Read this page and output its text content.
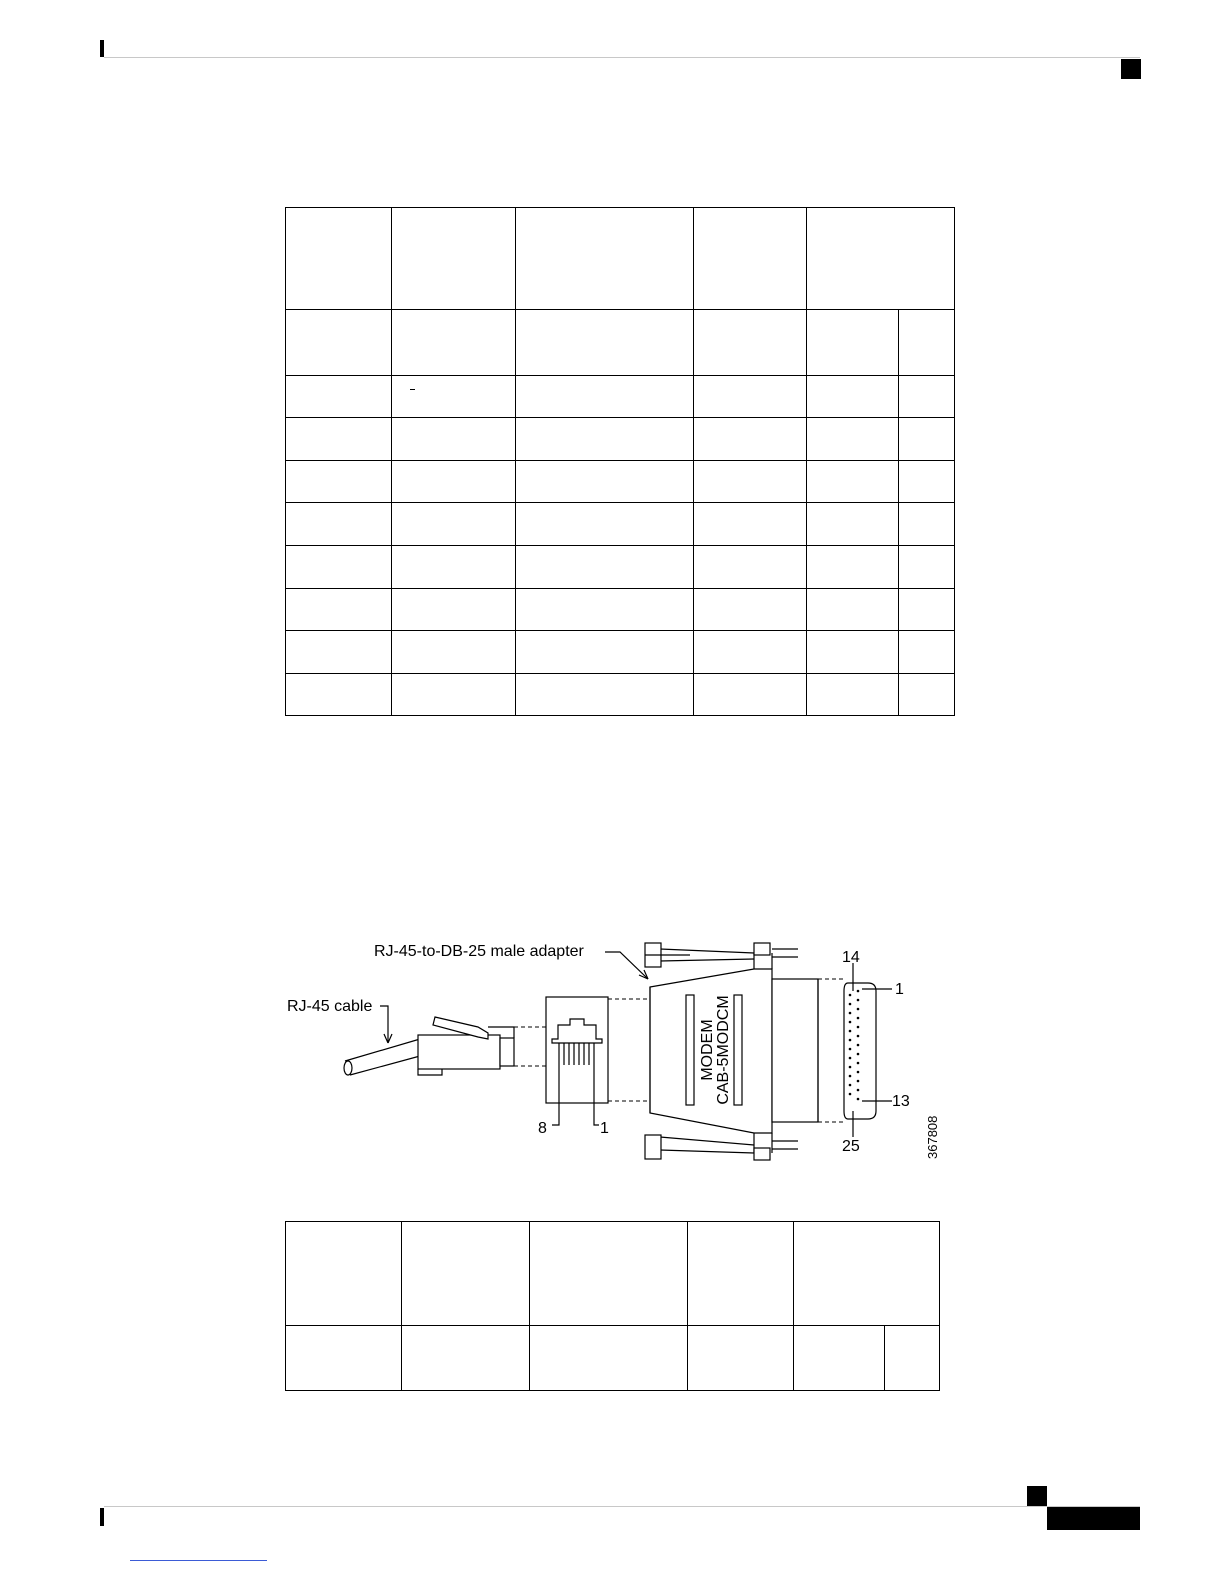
RJ-45-to-DB-25 male adapter
RJ-45 cable
8	1
14
1
13
25
MODEM CAB-5MODCM
367808
